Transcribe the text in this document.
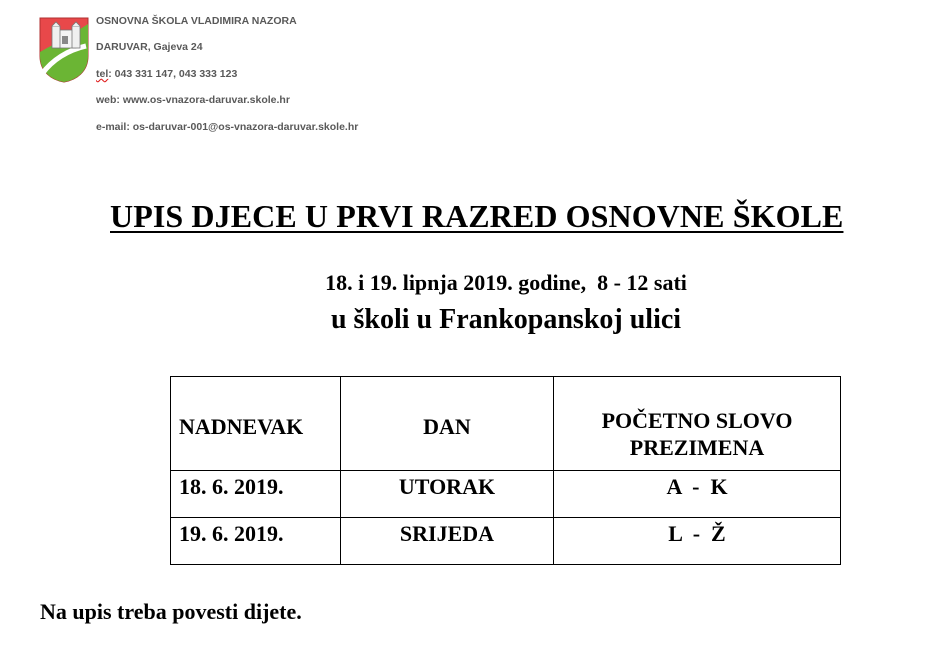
OSNOVNA ŠKOLA VLADIMIRA NAZORA
DARUVAR, Gajeva 24
tel: 043 331 147, 043 333 123
web: www.os-vnazora-daruvar.skole.hr
e-mail: os-daruvar-001@os-vnazora-daruvar.skole.hr
UPIS DJECE U PRVI RAZRED OSNOVNE ŠKOLE
18. i 19. lipnja 2019. godine,  8 - 12 sati
u školi u Frankopanskoj ulici
NADNEVAK	DAN	POČETNO SLOVO PREZIMENA

18. 6. 2019.	UTORAK	A  -  K

19. 6. 2019.	SRIJEDA	L  -  Ž
Na upis treba povesti dijete.
